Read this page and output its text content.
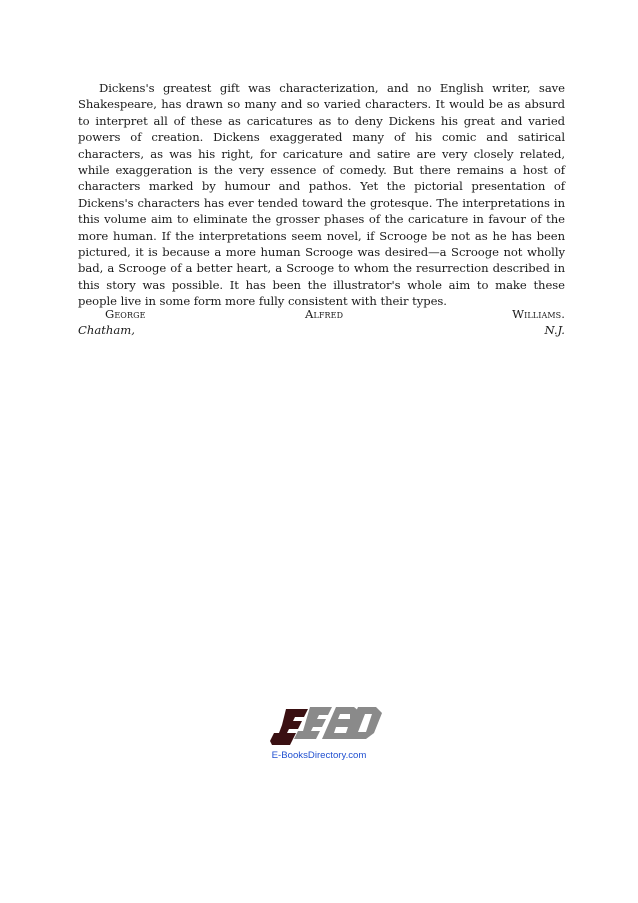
Dickens's greatest gift was characterization, and no English writer, save
Shakespeare, has drawn so many and so varied characters. It would be as absurd
to interpret all of these as caricatures as to deny Dickens his great and varied
powers of creation. Dickens exaggerated many of his comic and satirical
characters, as was his right, for caricature and satire are very closely related,
while exaggeration is the very essence of comedy. But there remains a host of
characters marked by humour and pathos. Yet the pictorial presentation of
Dickens's characters has ever tended toward the grotesque. The interpretations in
this volume aim to eliminate the grosser phases of the caricature in favour of the
more human. If the interpretations seem novel, if Scrooge be not as he has been
pictured, it is because a more human Scrooge was desired—a Scrooge not wholly
bad, a Scrooge of a better heart, a Scrooge to whom the resurrection described in
this story was possible. It has been the illustrator's whole aim to make these
people live in some form more fully consistent with their types.
George	Alfred	Williams.
Chatham,	N.J.
E-BooksDirectory.com
